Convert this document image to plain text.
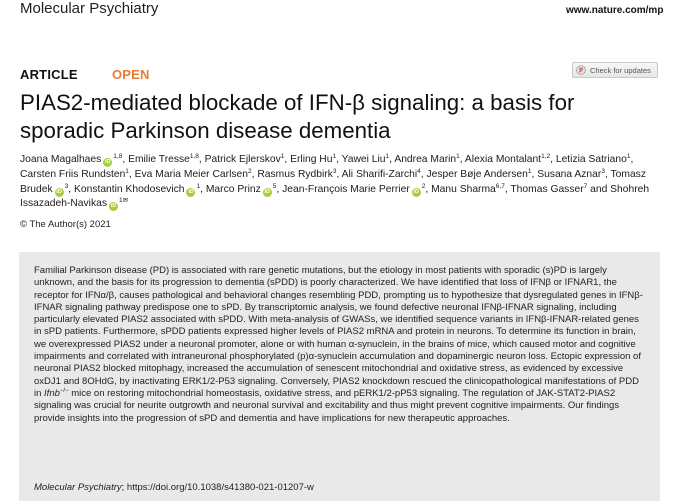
Molecular Psychiatry	www.nature.com/mp
ARTICLE	OPEN	Check for updates
PIAS2-mediated blockade of IFN-β signaling: a basis for sporadic Parkinson disease dementia
Joana Magalhaes iD$^{1,8}$, Emilie Tresse$^{1,8}$, Patrick Ejlerskov$^1$, Erling Hu$^1$, Yawei Liu$^1$, Andrea Marin$^1$, Alexia Montalant$^{1,2}$, Letizia Satriano$^1$, Carsten Friis Rundsten$^1$, Eva Maria Meier Carlsen$^2$, Rasmus Rydbirk$^3$, Ali Sharifi-Zarchi$^4$, Jesper Bøje Andersen$^1$, Susana Aznar$^3$, Tomasz Brudek $iD^3$, Konstantin Khodosevich $iD^1$, Marco Prinz $iD^5$, Jean-François Marie Perrier $iD^2$, Manu Sharma$^{6,7}$, Thomas Gasser$^7$ and Shohreh Issazadeh-Navikas $iD^{1✉}$
© The Author(s) 2021
Familial Parkinson disease (PD) is associated with rare genetic mutations, but the etiology in most patients with sporadic (s)PD is largely unknown, and the basis for its progression to dementia (sPDD) is poorly characterized. We have identified that loss of IFNβ or IFNAR1, the receptor for IFNα/β, causes pathological and behavioral changes resembling PDD, prompting us to hypothesize that dysregulated genes in IFNβ-IFNAR signaling pathway predispose one to sPD. By transcriptomic analysis, we found defective neuronal IFNβ-IFNAR signaling, including particularly elevated PIAS2 associated with sPDD. With meta-analysis of GWASs, we identified sequence variants in IFNβ-IFNAR-related genes in sPD patients. Furthermore, sPDD patients expressed higher levels of PIAS2 mRNA and protein in neurons. To determine its function in brain, we overexpressed PIAS2 under a neuronal promoter, alone or with human α-synuclein, in the brains of mice, which caused motor and cognitive impairments and correlated with intraneuronal phosphorylated (p)α-synuclein accumulation and dopaminergic neuron loss. Ectopic expression of neuronal PIAS2 blocked mitophagy, increased the accumulation of senescent mitochondrial and oxidative stress, as evidenced by excessive oxDJ1 and 8OHdG, by inactivating ERK1/2-P53 signaling. Conversely, PIAS2 knockdown rescued the clinicopathological manifestations of PDD in Ifnb−/− mice on restoring mitochondrial homeostasis, oxidative stress, and pERK1/2-pP53 signaling. The regulation of JAK-STAT2-PIAS2 signaling was crucial for neurite outgrowth and neuronal survival and excitability and thus might prevent cognitive impairments. Our findings provide insights into the progression of sPD and dementia and have implications for new therapeutic approaches.
Molecular Psychiatry; https://doi.org/10.1038/s41380-021-01207-w
